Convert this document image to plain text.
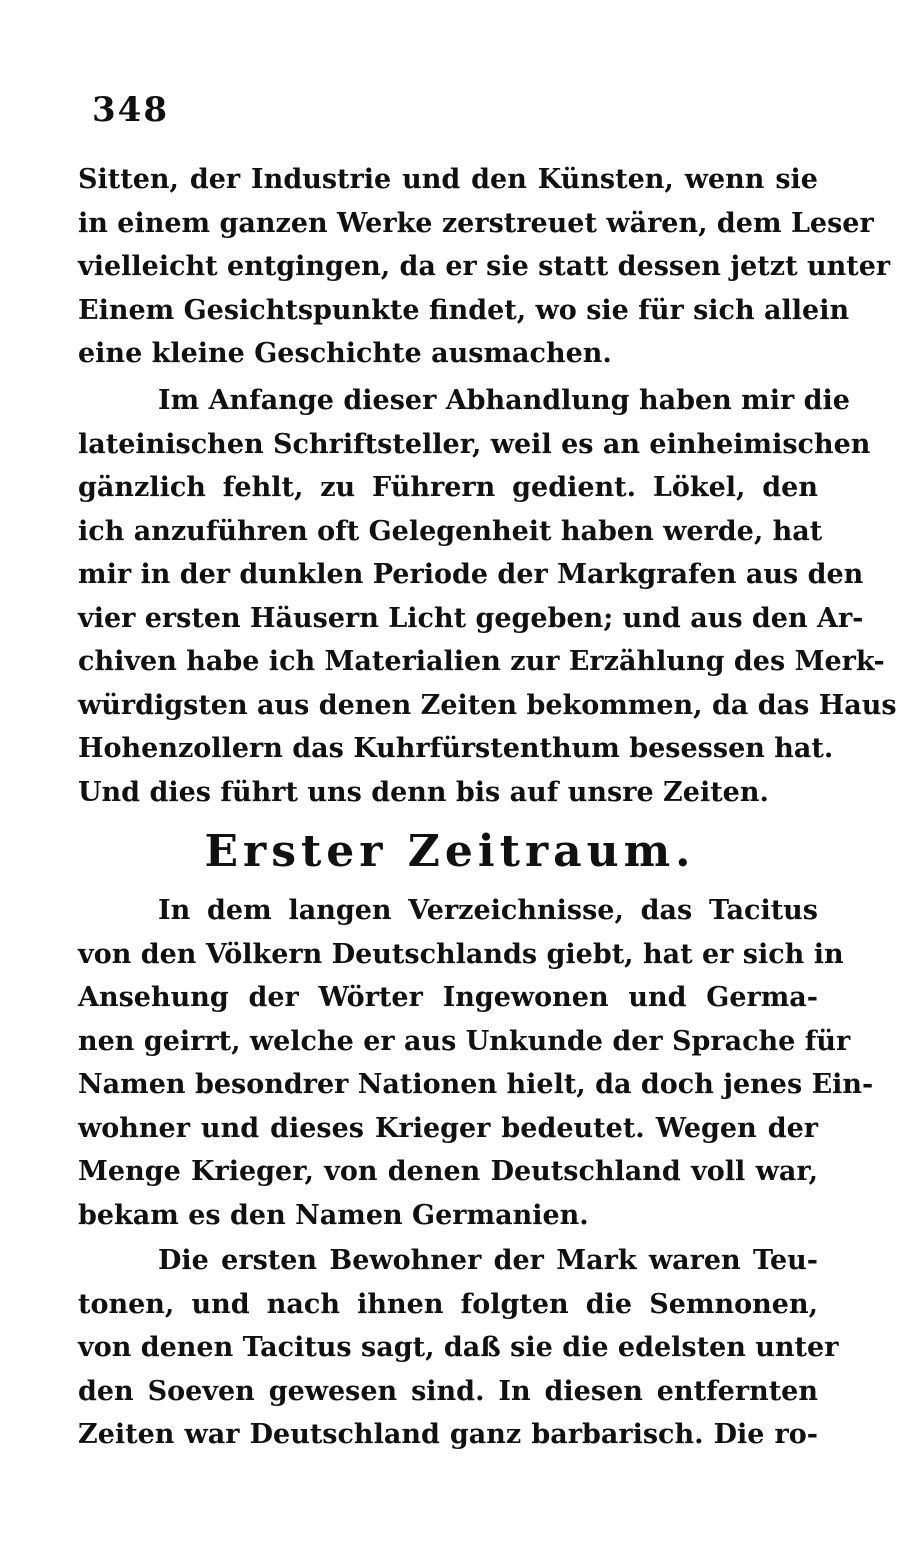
348
Sitten, der Industrie und den Künsten, wenn sie
in einem ganzen Werke zerstreuet wären, dem Leser
vielleicht entgingen, da er sie statt dessen jetzt unter
Einem Gesichtspunkte findet, wo sie für sich allein
eine kleine Geschichte ausmachen.
Im Anfange dieser Abhandlung haben mir die
lateinischen Schriftsteller, weil es an einheimischen
gänzlich fehlt, zu Führern gedient. Lökel, den
ich anzuführen oft Gelegenheit haben werde, hat
mir in der dunklen Periode der Markgrafen aus den
vier ersten Häusern Licht gegeben; und aus den Ar-
chiven habe ich Materialien zur Erzählung des Merk-
würdigsten aus denen Zeiten bekommen, da das Haus
Hohenzollern das Kuhrfürstenthum besessen hat.
Und dies führt uns denn bis auf unsre Zeiten.
Erster Zeitraum.
In dem langen Verzeichnisse, das Tacitus
von den Völkern Deutschlands giebt, hat er sich in
Ansehung der Wörter Ingewonen und Germa-
nen geirrt, welche er aus Unkunde der Sprache für
Namen besondrer Nationen hielt, da doch jenes Ein-
wohner und dieses Krieger bedeutet. Wegen der
Menge Krieger, von denen Deutschland voll war,
bekam es den Namen Germanien.
Die ersten Bewohner der Mark waren Teu-
tonen, und nach ihnen folgten die Semnonen,
von denen Tacitus sagt, daß sie die edelsten unter
den Soeven gewesen sind. In diesen entfernten
Zeiten war Deutschland ganz barbarisch. Die ro-
